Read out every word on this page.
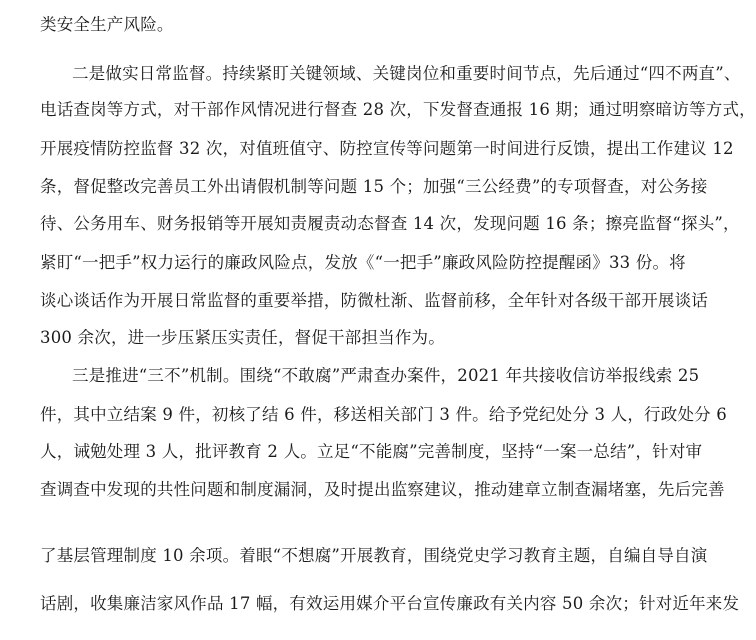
类安全生产风险。
二是做实日常监督。持续紧盯关键领域、关键岗位和重要时间节点，先后通过“四不两直”、
电话查岗等方式，对干部作风情况进行督查 28 次，下发督查通报 16 期；通过明察暗访等方式，
开展疫情防控监督 32 次，对值班值守、防控宣传等问题第一时间进行反馈，提出工作建议 12
条，督促整改完善员工外出请假机制等问题 15 个；加强“三公经费”的专项督查，对公务接
待、公务用车、财务报销等开展知责履责动态督查 14 次，发现问题 16 条；擦亮监督“探头”，
紧盯“一把手”权力运行的廉政风险点，发放《“一把手”廉政风险防控提醒函》33 份。将
谈心谈话作为开展日常监督的重要举措，防微杜渐、监督前移，全年针对各级干部开展谈话
300 余次，进一步压紧压实责任，督促干部担当作为。
三是推进“三不”机制。围绕“不敢腐”严肃查办案件，2021 年共接收信访举报线索 25
件，其中立结案 9 件，初核了结 6 件，移送相关部门 3 件。给予党纪处分 3 人，行政处分 6
人，诫勉处理 3 人，批评教育 2 人。立足“不能腐”完善制度，坚持“一案一总结”，针对审
查调查中发现的共性问题和制度漏洞，及时提出监察建议，推动建章立制查漏堵塞，先后完善
了基层管理制度 10 余项。着眼“不想腐”开展教育，围绕党史学习教育主题，自编自导自演
话剧，收集廉洁家风作品 17 幅，有效运用媒介平台宣传廉政有关内容 50 余次；针对近年来发
